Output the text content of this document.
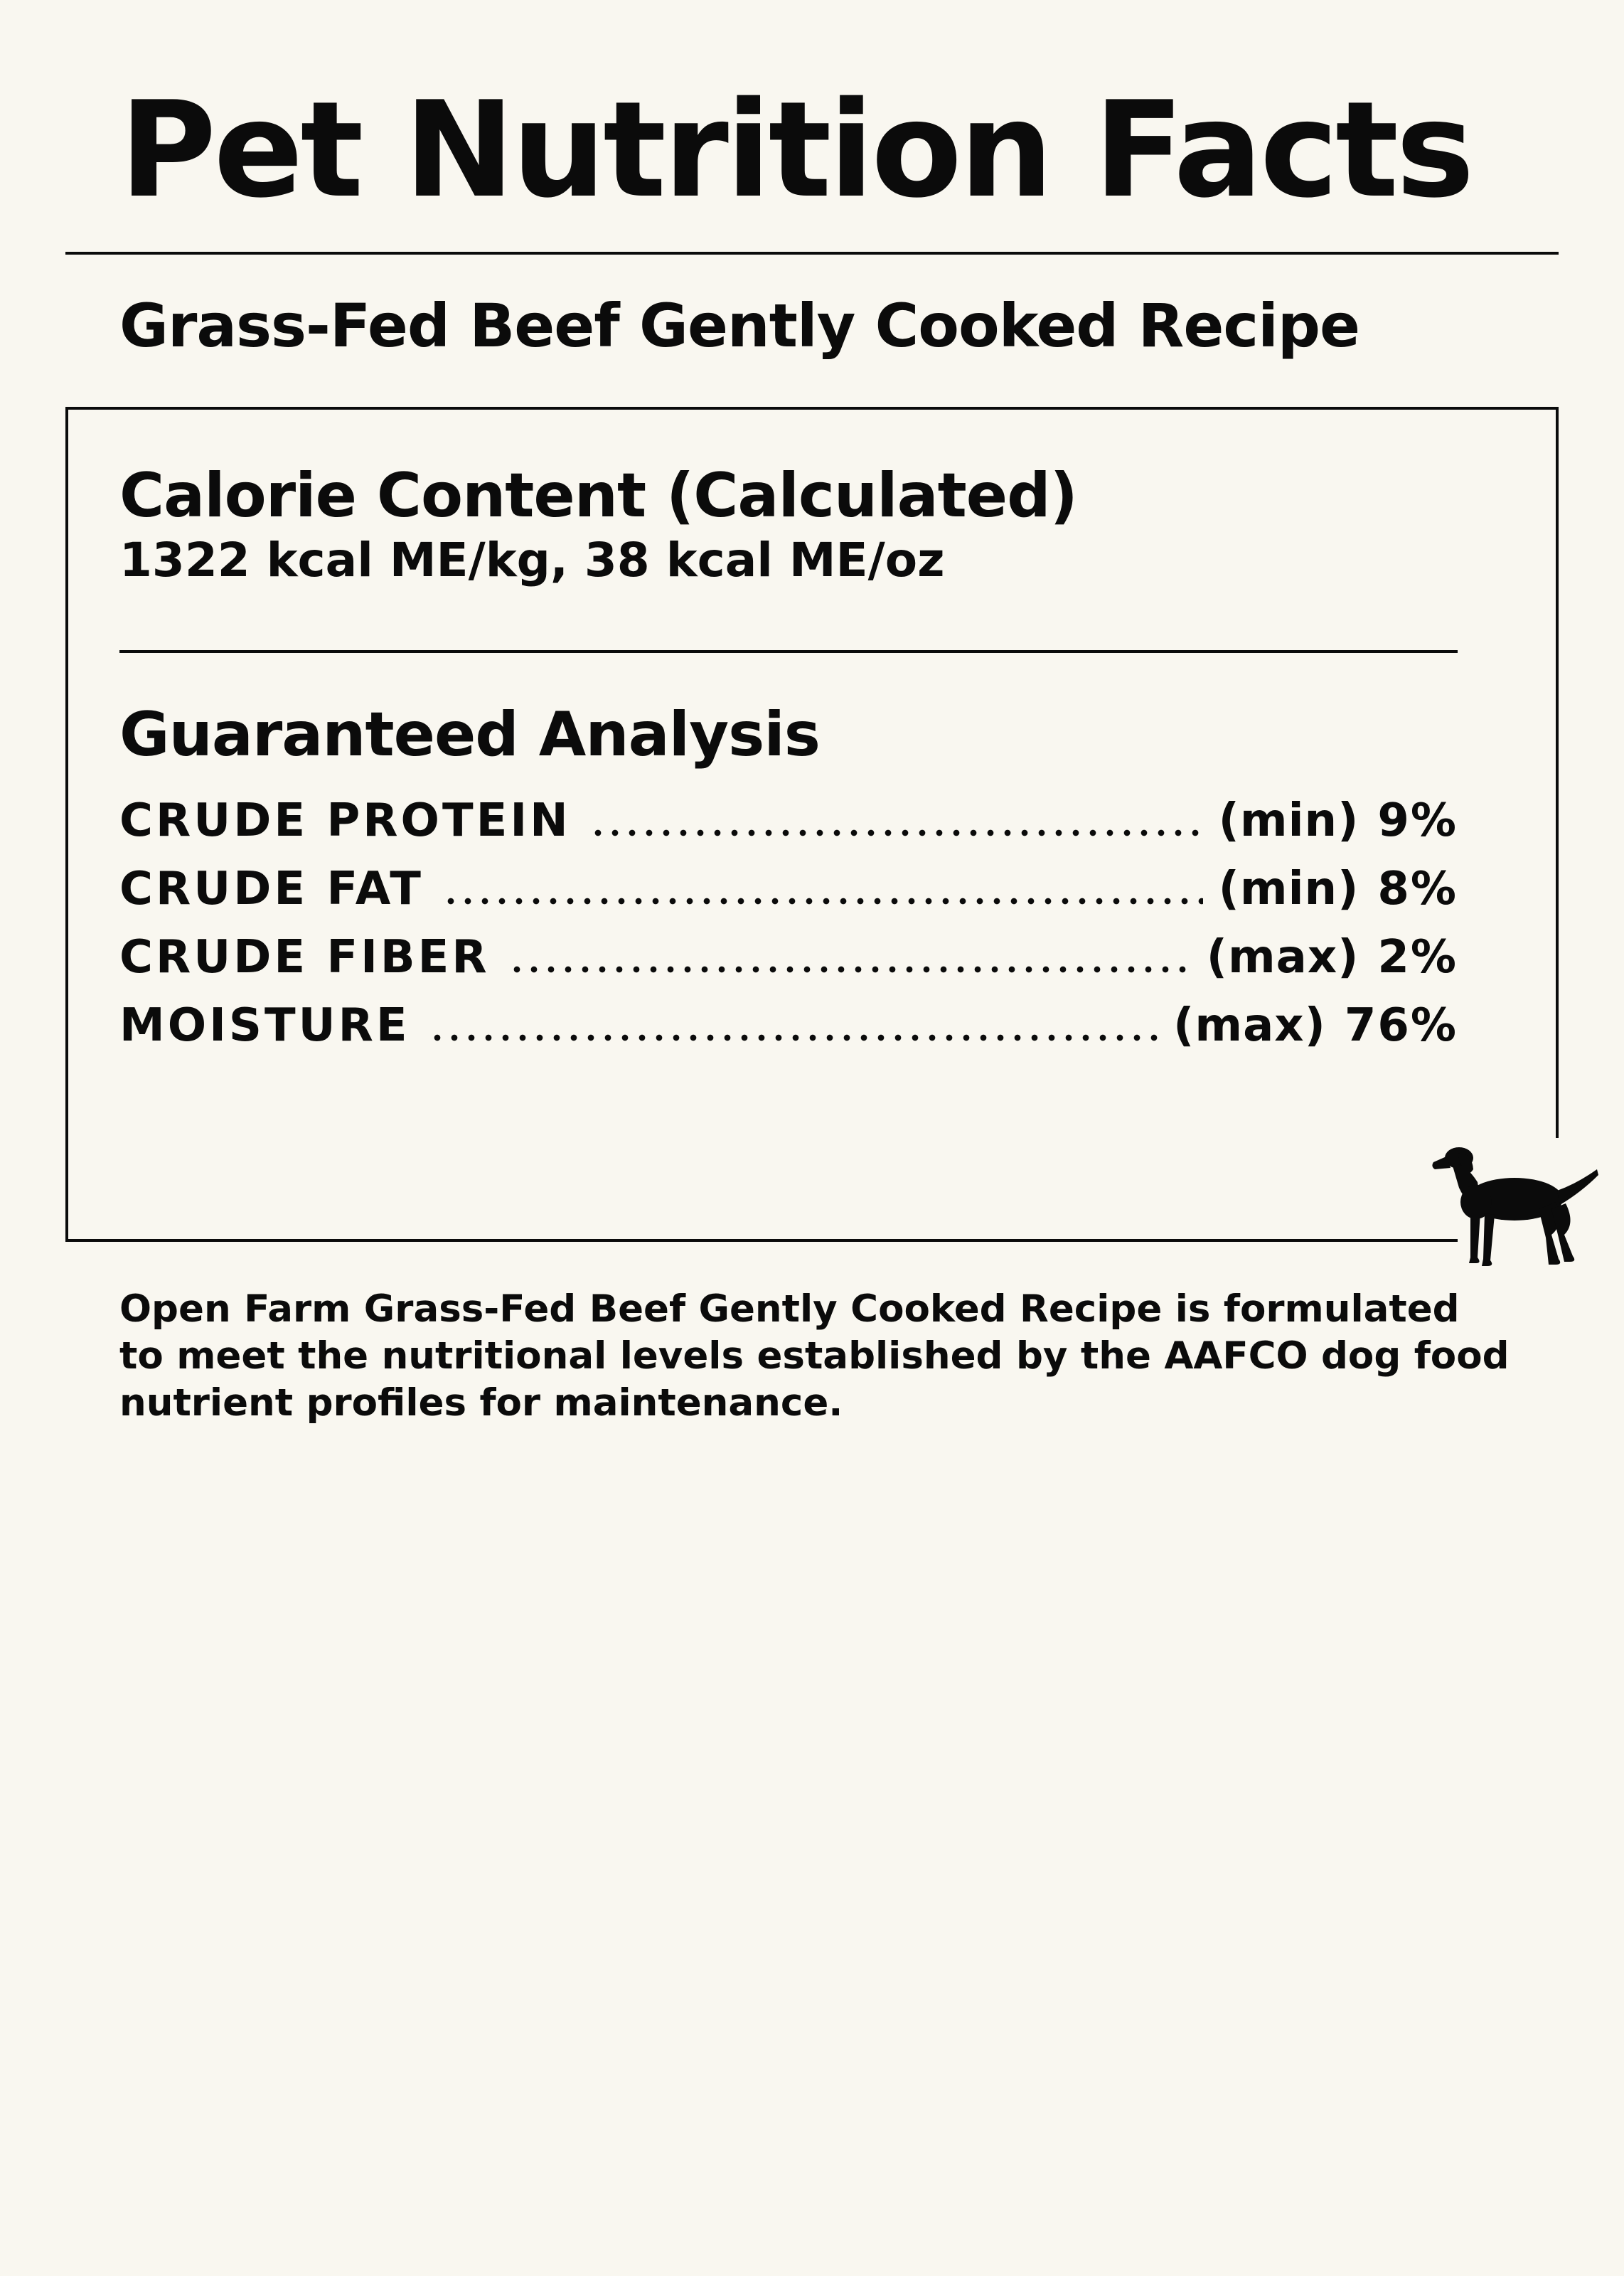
Pet Nutrition Facts
Grass-Fed Beef Gently Cooked Recipe
Calorie Content (Calculated)
1322 kcal ME/kg, 38 kcal ME/oz
Guaranteed Analysis
CRUDE PROTEIN	(min) 9%
CRUDE FAT	(min) 8%
CRUDE FIBER	(max) 2%
MOISTURE	(max) 76%

Open Farm Grass-Fed Beef Gently Cooked Recipe is formulated to meet the nutritional levels established by the AAFCO dog food nutrient profiles for maintenance.
